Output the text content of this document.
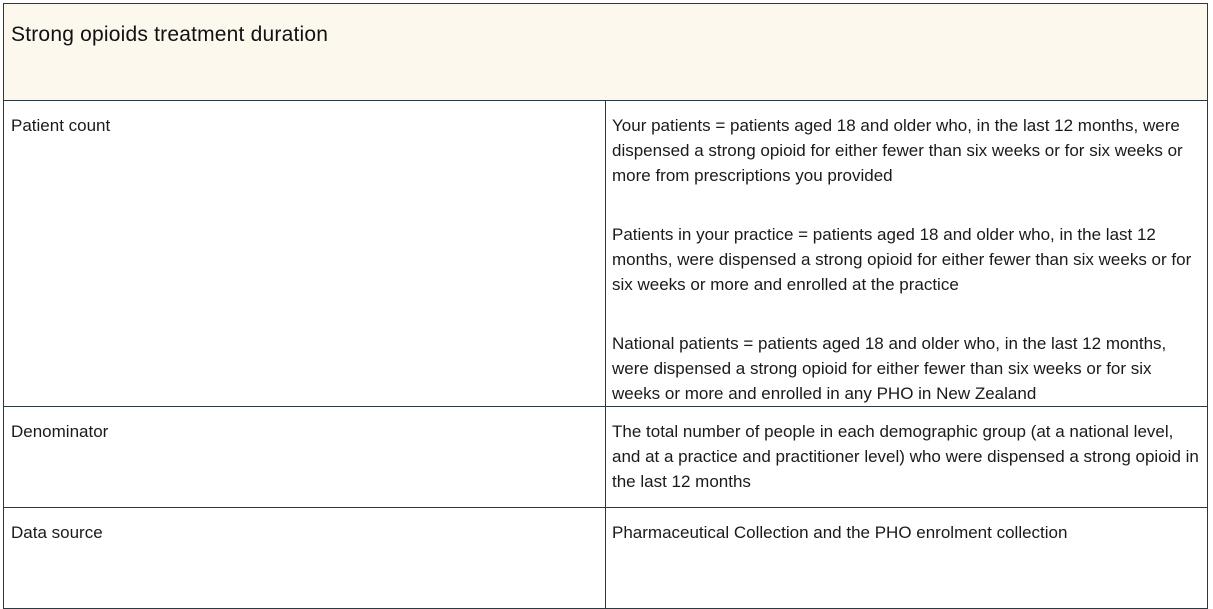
Strong opioids treatment duration	

Patient count	Your patients = patients aged 18 and older who, in the last 12 months, were dispensed a strong opioid for either fewer than six weeks or for six weeks or more from prescriptions you provided

Patients in your practice = patients aged 18 and older who, in the last 12 months, were dispensed a strong opioid for either fewer than six weeks or for six weeks or more and enrolled at the practice

National patients = patients aged 18 and older who, in the last 12 months, were dispensed a strong opioid for either fewer than six weeks or for six weeks or more and enrolled in any PHO in New Zealand

Denominator	The total number of people in each demographic group (at a national level, and at a practice and practitioner level) who were dispensed a strong opioid in the last 12 months

Data source	Pharmaceutical Collection and the PHO enrolment collection
